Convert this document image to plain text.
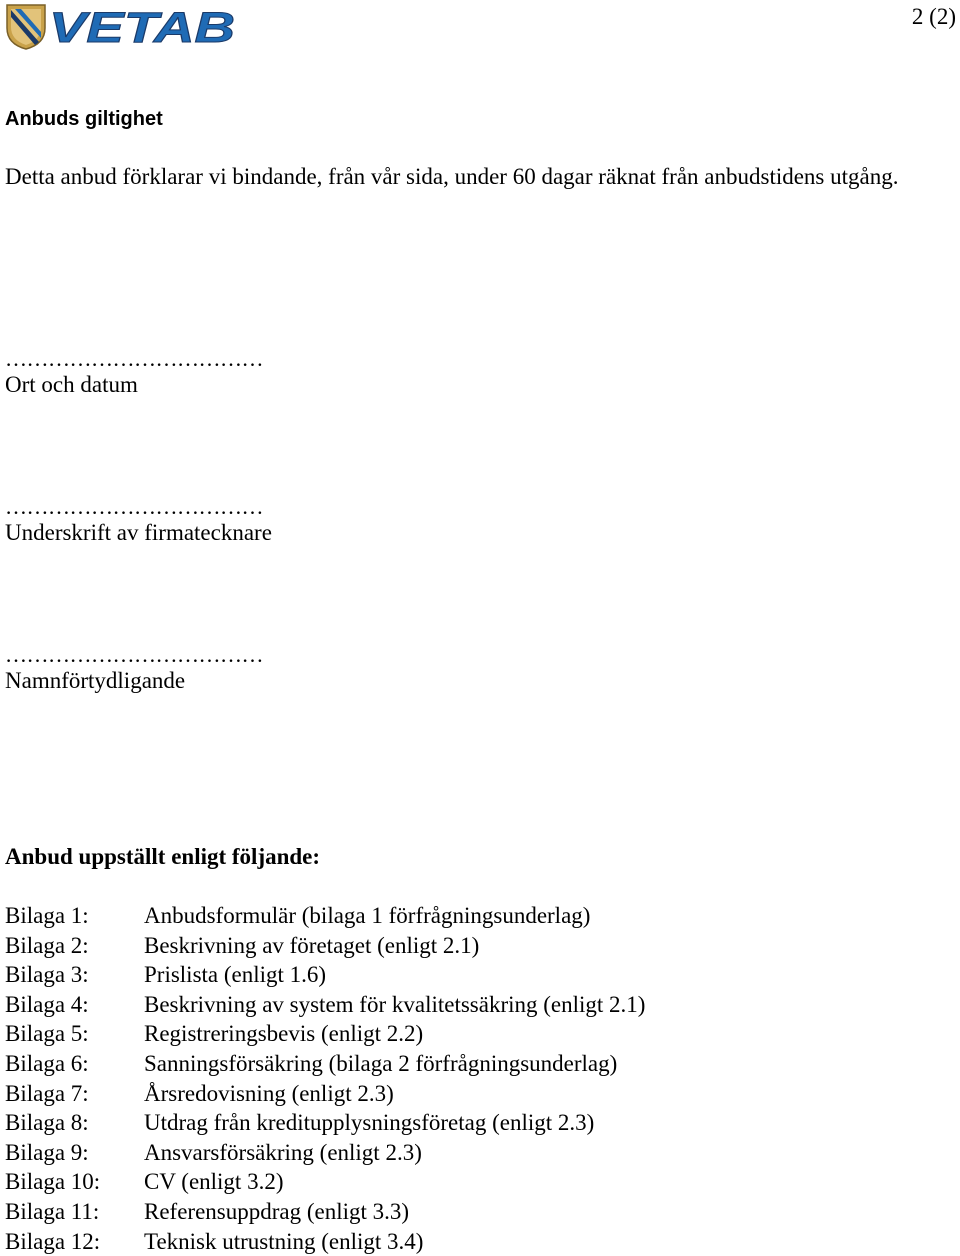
VETAB	2 (2)
Anbuds giltighet
Detta anbud förklarar vi bindande, från vår sida, under 60 dagar räknat från anbudstidens utgång.
………………………………
Ort och datum
………………………………
Underskrift av firmatecknare
………………………………
Namnförtydligande
Anbud uppställt enligt följande:
Bilaga 1:	Anbudsformulär (bilaga 1 förfrågningsunderlag)
Bilaga 2:	Beskrivning av företaget (enligt 2.1)
Bilaga 3:	Prislista (enligt 1.6)
Bilaga 4:	Beskrivning av system för kvalitetssäkring (enligt 2.1)
Bilaga 5:	Registreringsbevis (enligt 2.2)
Bilaga 6:	Sanningsförsäkring (bilaga 2 förfrågningsunderlag)
Bilaga 7:	Årsredovisning (enligt 2.3)
Bilaga 8:	Utdrag från kreditupplysningsföretag (enligt 2.3)
Bilaga 9:	Ansvarsförsäkring (enligt 2.3)
Bilaga 10:	CV (enligt 3.2)
Bilaga 11:	Referensuppdrag (enligt 3.3)
Bilaga 12:	Teknisk utrustning (enligt 3.4)
